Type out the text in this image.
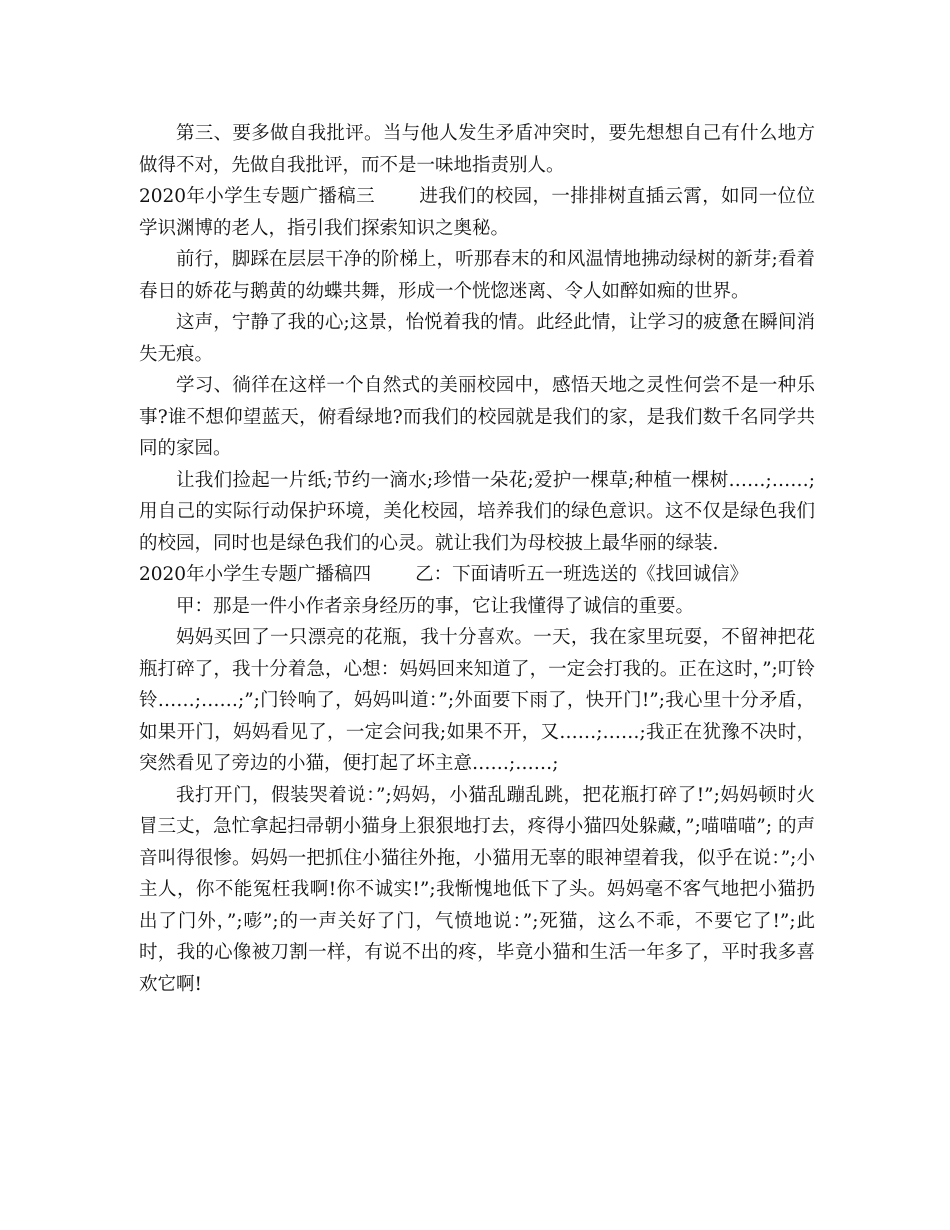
第三、要多做自我批评。当与他人发生矛盾冲突时，要先想想自己有什么地方做得不对，先做自我批评，而不是一味地指责别人。

2020年小学生专题广播稿三 进我们的校园，一排排树直插云霄，如同一位位学识渊博的老人，指引我们探索知识之奥秘。

前行，脚踩在层层干净的阶梯上，听那春末的和风温情地拂动绿树的新芽;看着春日的娇花与鹅黄的幼蝶共舞，形成一个恍惚迷离、令人如醉如痴的世界。

这声，宁静了我的心;这景，怡悦着我的情。此经此情，让学习的疲惫在瞬间消失无痕。

学习、徜徉在这样一个自然式的美丽校园中，感悟天地之灵性何尝不是一种乐事?谁不想仰望蓝天，俯看绿地?而我们的校园就是我们的家，是我们数千名同学共同的家园。

让我们捡起一片纸;节约一滴水;珍惜一朵花;爱护一棵草;种植一棵树……;……;用自己的实际行动保护环境，美化校园，培养我们的绿色意识。这不仅是绿色我们的校园，同时也是绿色我们的心灵。就让我们为母校披上最华丽的绿装.

2020年小学生专题广播稿四 乙：下面请听五一班选送的《找回诚信》

甲：那是一件小作者亲身经历的事，它让我懂得了诚信的重要。

妈妈买回了一只漂亮的花瓶，我十分喜欢。一天，我在家里玩耍，不留神把花瓶打碎了，我十分着急，心想：妈妈回来知道了，一定会打我的。正在这时，”;叮铃铃……;……;”;门铃响了，妈妈叫道：”;外面要下雨了，快开门!”;我心里十分矛盾，如果开门，妈妈看见了，一定会问我;如果不开，又……;……;我正在犹豫不决时，突然看见了旁边的小猫，便打起了坏主意……;……;

我打开门，假装哭着说：”;妈妈，小猫乱蹦乱跳，把花瓶打碎了!”;妈妈顿时火冒三丈，急忙拿起扫帚朝小猫身上狠狠地打去，疼得小猫四处躲藏，”;喵喵喵”; 的声音叫得很惨。妈妈一把抓住小猫往外拖，小猫用无辜的眼神望着我，似乎在说：”;小主人，你不能冤枉我啊!你不诚实!”;我惭愧地低下了头。妈妈毫不客气地把小猫扔出了门外，”;嘭”;的一声关好了门，气愤地说：”;死猫，这么不乖，不要它了!”;此时，我的心像被刀割一样，有说不出的疼，毕竟小猫和生活一年多了，平时我多喜欢它啊!
